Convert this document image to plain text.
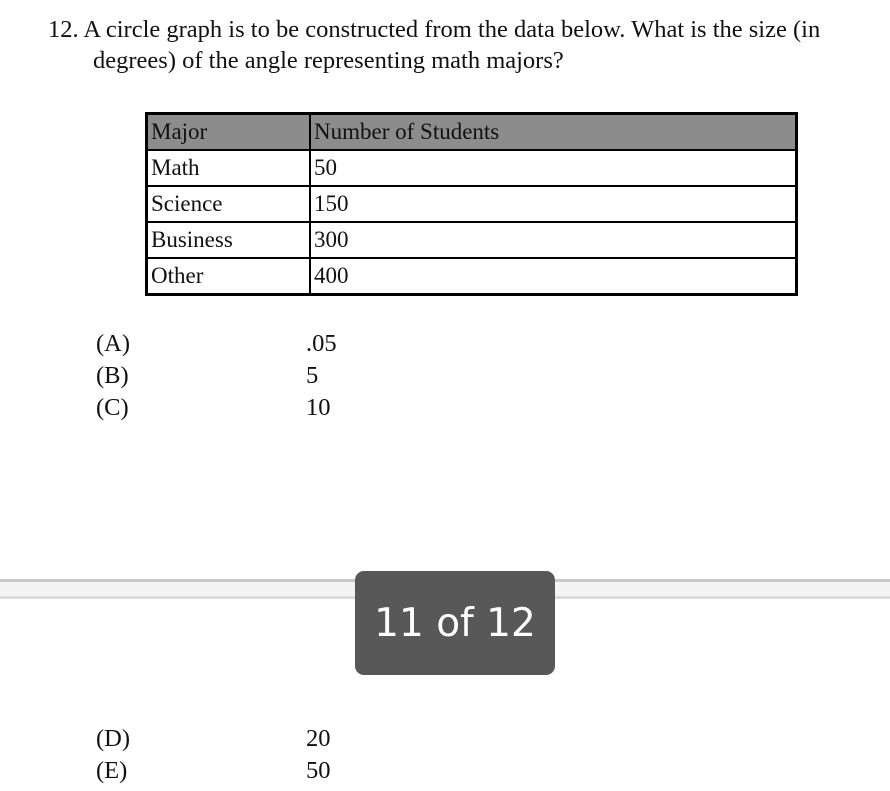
12. A circle graph is to be constructed from the data below. What is the size (in
degrees) of the angle representing math majors?
Major	Number of Students
Math	50
Science	150
Business	300
Other	400
(A)	.05
(B)	5
(C)	10
11 of 12
(D)	20
(E)	50
